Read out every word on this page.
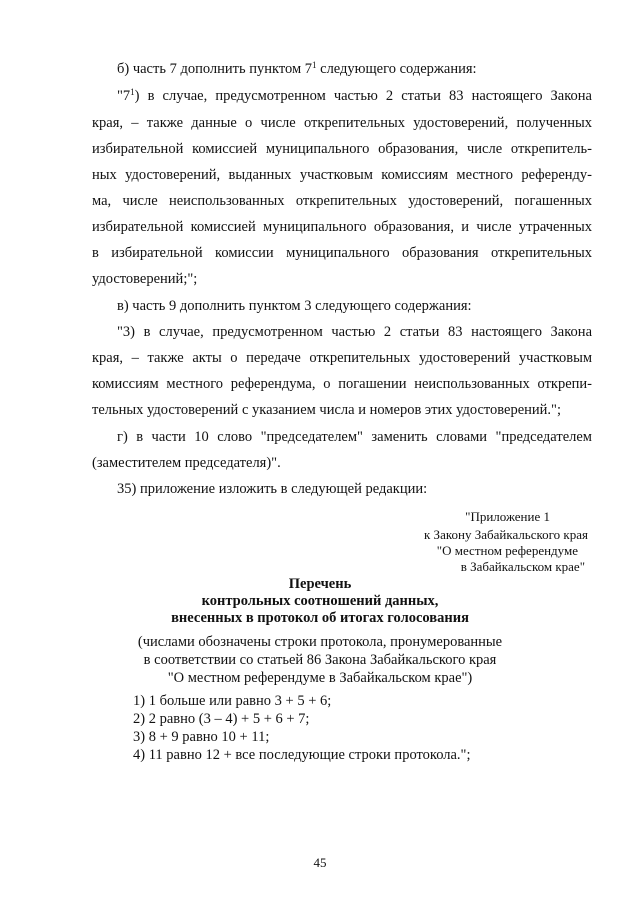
б) часть 7 дополнить пунктом $7^1$ следующего содержания:

"$7^1$) в случае, предусмотренном частью 2 статьи 83 настоящего Закона

края, – также данные о числе открепительных удостоверений, полученных

избирательной комиссией муниципального образования, числе открепитель-

ных удостоверений, выданных участковым комиссиям местного референду-

ма, числе неиспользованных открепительных удостоверений, погашенных

избирательной комиссией муниципального образования, и числе утраченных

в избирательной комиссии муниципального образования открепительных

удостоверений;";

в) часть 9 дополнить пунктом 3 следующего содержания:

"3) в случае, предусмотренном частью 2 статьи 83 настоящего Закона

края, – также акты о передаче открепительных удостоверений участковым

комиссиям местного референдума, о погашении неиспользованных открепи-

тельных удостоверений с указанием числа и номеров этих удостоверений.";

г) в части 10 слово "председателем" заменить словами "председателем

(заместителем председателя)".

35) приложение изложить в следующей редакции:

"Приложение 1

к Закону Забайкальского края

"О местном референдуме

в Забайкальском крае"

Перечень

контрольных соотношений данных,

внесенных в протокол об итогах голосования

(числами обозначены строки протокола, пронумерованные

в соответствии со статьей 86 Закона Забайкальского края

"О местном референдуме в Забайкальском крае")

1) 1 больше или равно 3 + 5 + 6;

2) 2 равно (3 – 4) + 5 + 6 + 7;

3) 8 + 9 равно 10 + 11;

4) 11 равно 12 + все последующие строки протокола.";

45
